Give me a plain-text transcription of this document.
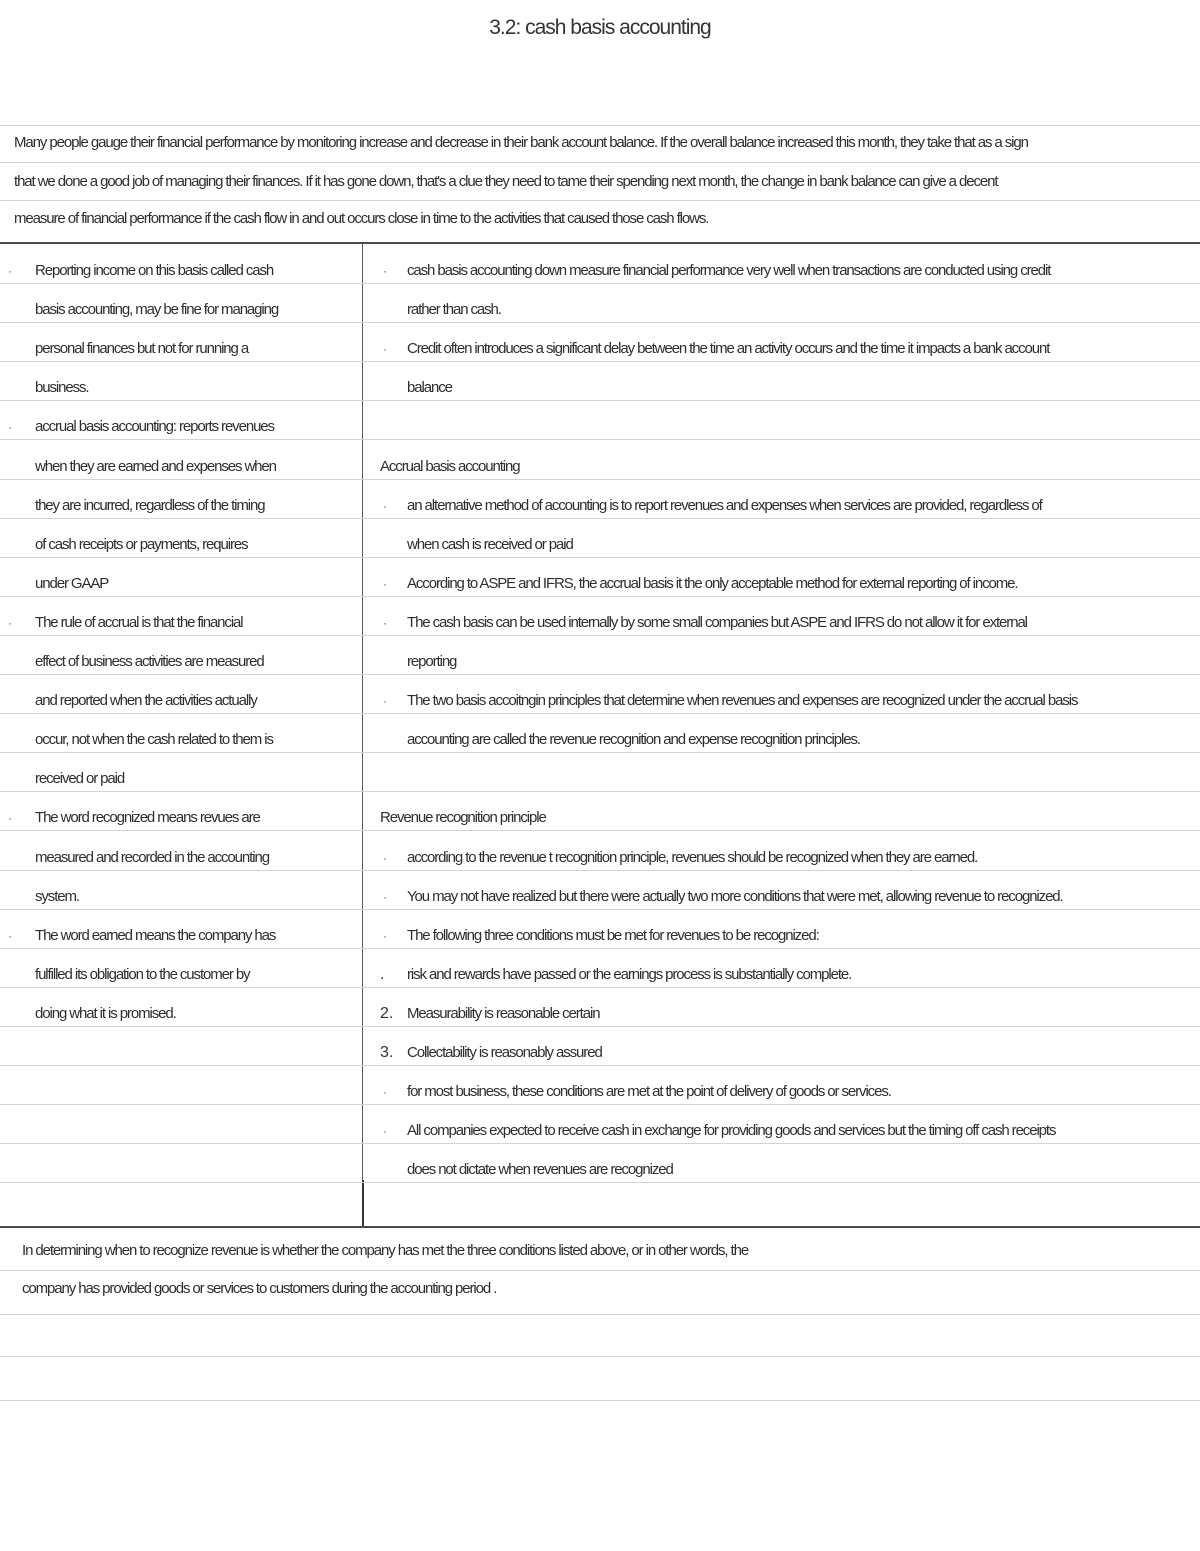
3.2: cash basis accounting
Many people gauge their financial performance by monitoring increase and decrease in their bank account balance. If the overall balance increased this month, they take that as a sign
that we done a good job of managing their finances. If it has gone down, that's a clue they need to tame their spending next month, the change in bank balance can give a decent
measure of financial performance if the cash flow in and out occurs close in time to the activities that caused those cash flows.
· Reporting income on this basis called cash
basis accounting, may be fine for managing
personal finances but not for running a
business.
· accrual basis accounting: reports revenues
when they are earned and expenses when
they are incurred, regardless of the timing
of cash receipts or payments, requires
under GAAP
· The rule of accrual is that the financial
effect of business activities are measured
and reported when the activities actually
occur, not when the cash related to them is
received or paid
· The word recognized means revues are
measured and recorded in the accounting
system.
· The word earned means the company has
fulfilled its obligation to the customer by
doing what it is promised.
· cash basis accounting down measure financial performance very well when transactions are conducted using credit
rather than cash.
· Credit often introduces a significant delay between the time an activity occurs and the time it impacts a bank account
balance
Accrual basis accounting
· an alternative method of accounting is to report revenues and expenses when services are provided, regardless of
when cash is received or paid
· According to ASPE and IFRS, the accrual basis it the only acceptable method for external reporting of income.
· The cash basis can be used internally by some small companies but ASPE and IFRS do not allow it for external
reporting
· The two basis accoitngin principles that determine when revenues and expenses are recognized under the accrual basis
accounting are called the revenue recognition and expense recognition principles.
Revenue recognition principle
· according to the revenue t recognition principle, revenues should be recognized when they are earned.
· You may not have realized but there were actually two more conditions that were met, allowing revenue to recognized.
· The following three conditions must be met for revenues to be recognized:
. risk and rewards have passed or the earnings process is substantially complete.
2. Measurability is reasonable certain
3. Collectability is reasonably assured
· for most business, these conditions are met at the point of delivery of goods or services.
· All companies expected to receive cash in exchange for providing goods and services but the timing off cash receipts
does not dictate when revenues are recognized
In determining when to recognize revenue is whether the company has met the three conditions listed above, or in other words, the
company has provided goods or services to customers during the accounting period .
